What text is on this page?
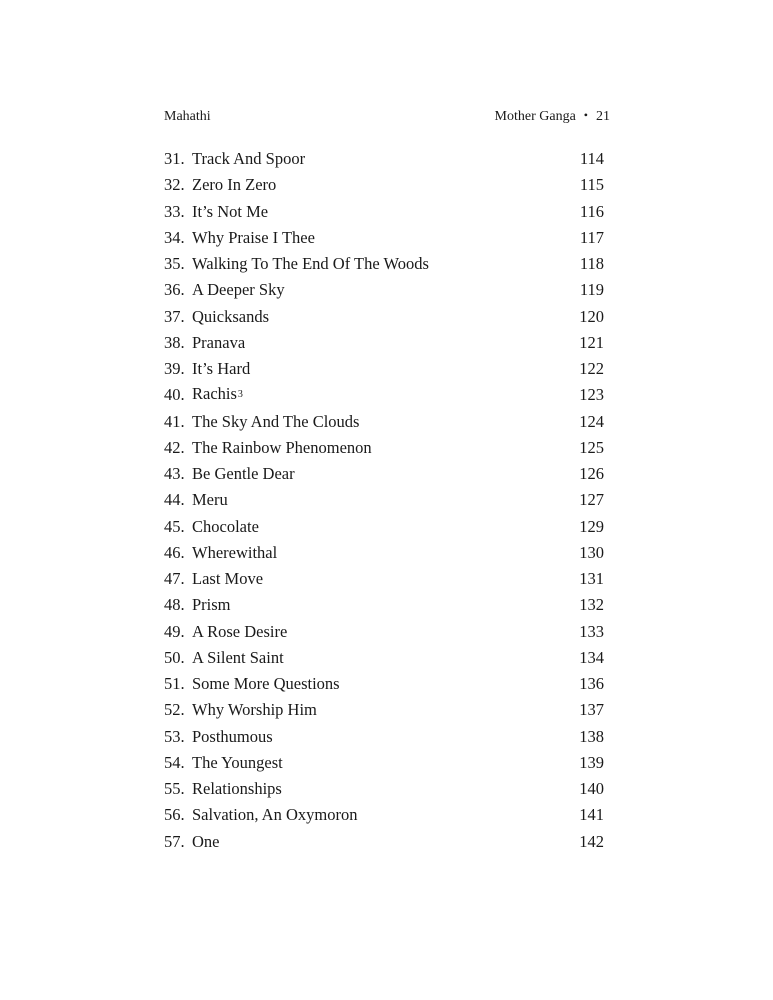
Mahathi	Mother Ganga • 21
31. Track And Spoor	114
32. Zero In Zero	115
33. It’s Not Me	116
34. Why Praise I Thee	117
35. Walking To The End Of The Woods	118
36. A Deeper Sky	119
37. Quicksands	120
38. Pranava	121
39. It’s Hard	122
40. Rachis$^3$	123
41. The Sky And The Clouds	124
42. The Rainbow Phenomenon	125
43. Be Gentle Dear	126
44. Meru	127
45. Chocolate	129
46. Wherewithal	130
47. Last Move	131
48. Prism	132
49. A Rose Desire	133
50. A Silent Saint	134
51. Some More Questions	136
52. Why Worship Him	137
53. Posthumous	138
54. The Youngest	139
55. Relationships	140
56. Salvation, An Oxymoron	141
57. One	142
